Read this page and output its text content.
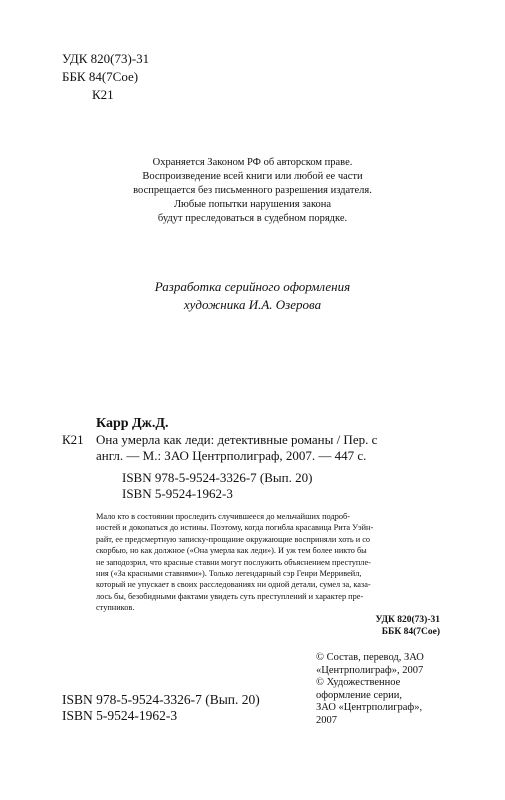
УДК 820(73)-31
ББК 84(7Сое)
К21
Охраняется Законом РФ об авторском праве.
Воспроизведение всей книги или любой ее части
воспрещается без письменного разрешения издателя.
Любые попытки нарушения закона
будут преследоваться в судебном порядке.
Разработка серийного оформления
художника И.А. Озерова
Карр Дж.Д.
К21 Она умерла как леди: детективные романы / Пер. с
англ. — М.: ЗАО Центрполиграф, 2007. — 447 с.
ISBN 978-5-9524-3326-7 (Вып. 20)
ISBN 5-9524-1962-3
Мало кто в состоянии проследить случившееся до мельчайших подроб-
ностей и докопаться до истины. Поэтому, когда погибла красавица Рита Уэйн-
райт, ее предсмертную записку-прощание окружающие восприняли хоть и со
скорбью, но как должное («Она умерла как леди»). И уж тем более никто бы
не заподозрил, что красные ставни могут послужить объяснением преступле-
ния («За красными ставнями»). Только легендарный сэр Генри Мерривейл,
который не упускает в своих расследованиях ни одной детали, сумел за, каза-
лось бы, безобидными фактами увидеть суть преступлений и характер пре-
ступников.
УДК 820(73)-31
ББК 84(7Сое)
© Состав, перевод, ЗАО
«Центрполиграф», 2007
© Художественное
оформление серии,
ЗАО «Центрполиграф»,
2007
ISBN 978-5-9524-3326-7 (Вып. 20)
ISBN 5-9524-1962-3
